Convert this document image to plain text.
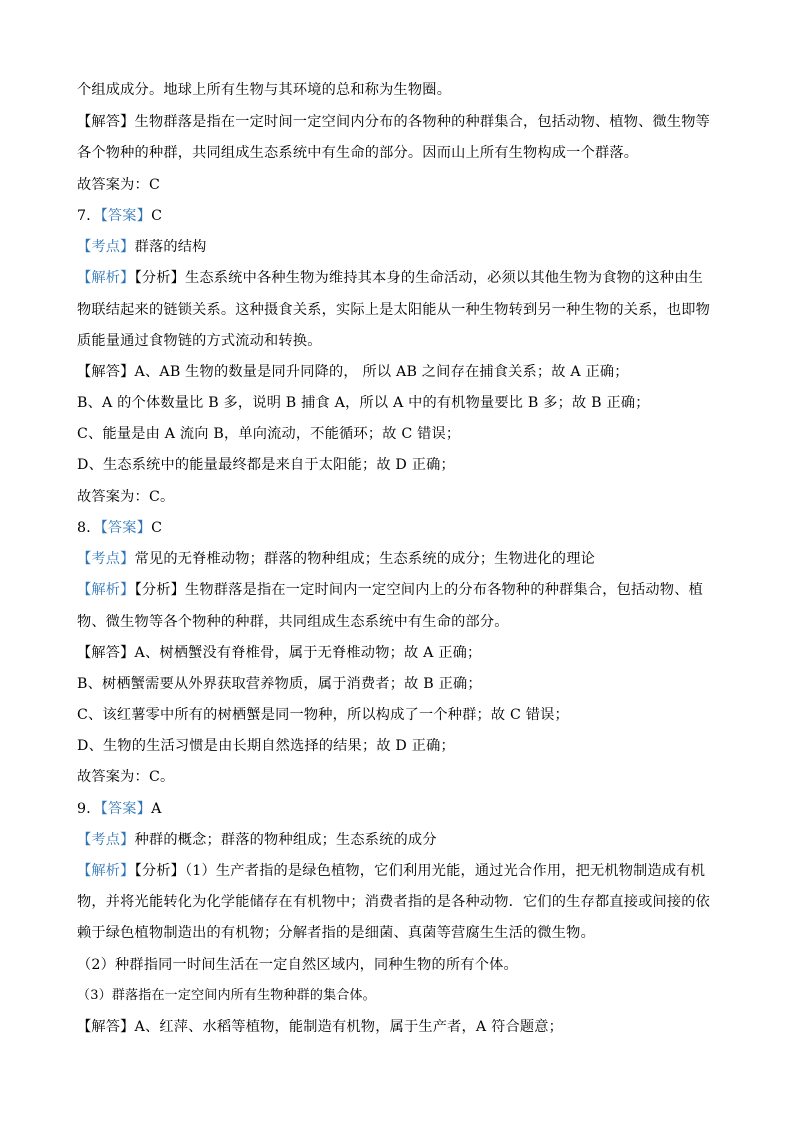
个组成成分。地球上所有生物与其环境的总和称为生物圈。
【解答】生物群落是指在一定时间一定空间内分布的各物种的种群集合，包括动物、植物、微生物等
各个物种的种群，共同组成生态系统中有生命的部分。因而山上所有生物构成一个群落。
故答案为：C
7．【答案】C
【考点】群落的结构
【解析】【分析】生态系统中各种生物为维持其本身的生命活动，必须以其他生物为食物的这种由生
物联结起来的链锁关系。这种摄食关系，实际上是太阳能从一种生物转到另一种生物的关系，也即物
质能量通过食物链的方式流动和转换。
【解答】A、AB 生物的数量是同升同降的， 所以 AB 之间存在捕食关系；故 A 正确；
B、A 的个体数量比 B 多，说明 B 捕食 A，所以 A 中的有机物量要比 B 多；故 B 正确；
C、能量是由 A 流向 B，单向流动，不能循环；故 C 错误；
D、生态系统中的能量最终都是来自于太阳能；故 D 正确；
故答案为：C。
8．【答案】C
【考点】常见的无脊椎动物；群落的物种组成；生态系统的成分；生物进化的理论
【解析】【分析】生物群落是指在一定时间内一定空间内上的分布各物种的种群集合，包括动物、植
物、微生物等各个物种的种群，共同组成生态系统中有生命的部分。
【解答】A、树栖蟹没有脊椎骨，属于无脊椎动物；故 A 正确；
B、树栖蟹需要从外界获取营养物质，属于消费者；故 B 正确；
C、该红薯零中所有的树栖蟹是同一物种，所以构成了一个种群；故 C 错误；
D、生物的生活习惯是由长期自然选择的结果；故 D 正确；
故答案为：C。
9．【答案】A
【考点】种群的概念；群落的物种组成；生态系统的成分
【解析】【分析】（1）生产者指的是绿色植物，它们利用光能，通过光合作用，把无机物制造成有机
物，并将光能转化为化学能储存在有机物中；消费者指的是各种动物．它们的生存都直接或间接的依
赖于绿色植物制造出的有机物；分解者指的是细菌、真菌等营腐生生活的微生物。
（2）种群指同一时间生活在一定自然区域内，同种生物的所有个体。
（3）群落指在一定空间内所有生物种群的集合体。
【解答】A、红萍、水稻等植物，能制造有机物，属于生产者，A 符合题意；
